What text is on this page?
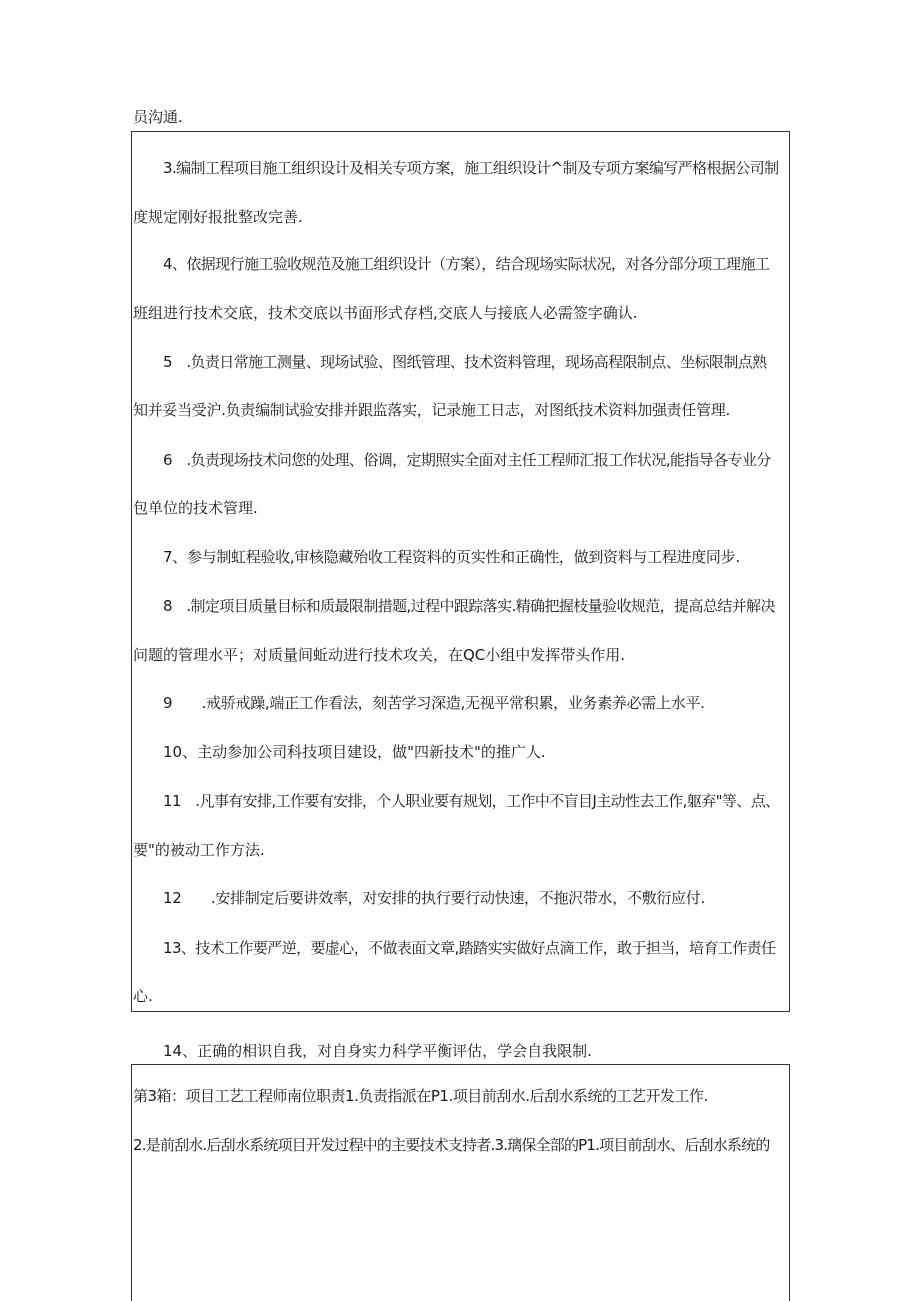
员沟通.
3.编制工程项目施工组织设计及相关专项方案，施工组织设计^制及专项方案编写严格根据公司制
度规定刚好报批整改完善.
4、依据现行施工验收规范及施工组织设计（方案），结合现场实际状况，对各分部分项工理施工
班组进行技术交底，技术交底以书面形式存档,交底人与接底人必需签字确认.
5　.负责日常施工测量、现场试验、图纸管理、技术资料管理，现场高程限制点、坐标限制点熟
知并妥当受沪.负责编制试验安排并跟监落实，记录施工日志，对图纸技术资料加强责任管理.
6　.负责现场技术问您的处理、俗调，定期照实全面对主任工程师汇报工作状况,能指导各专业分
包单位的技术管理.
7、参与制虹程验收,审核隐藏殆收工程资料的页实性和正确性，做到资料与工程进度同步.
8　.制定项目质量目标和质最限制措题,过程中跟踪落实.精确把握枝量验收规范，提高总结并解决
问题的管理水平；对质量间蚯动进行技术攻关，在QC小组中发挥带头作用.
9　　.戒骄戒躁,端正工作看法，刻苦学习深造,无视平常积累，业务素养必需上水平.
10、主动参加公司科技项目建设，做"四新技术"的推广人.
11　.凡事有安排,工作要有安排，个人职业要有规划，工作中不盲目J主动性去工作,躯弃"等、点、
要"的被动工作方法.
12　　.安排制定后要讲效率，对安排的执行要行动快速，不拖沢带水，不敷衍应付.
13、技术工作要严逆，要虚心，不做表面文章,踏踏实实做好点滴工作，敢于担当，培育工作责任
心.
14、正确的相识自我，对自身实力科学平衡评估，学会自我限制.
第3箱：项目工艺工程师南位职责1.负责指派在P1.项目前刮水.后刮水系统的工艺开发工作.
2.是前刮水.后刮水系统项目开发过程中的主要技术支持者.3.璃保全部的P1.项目前刮水、后刮水系统的
